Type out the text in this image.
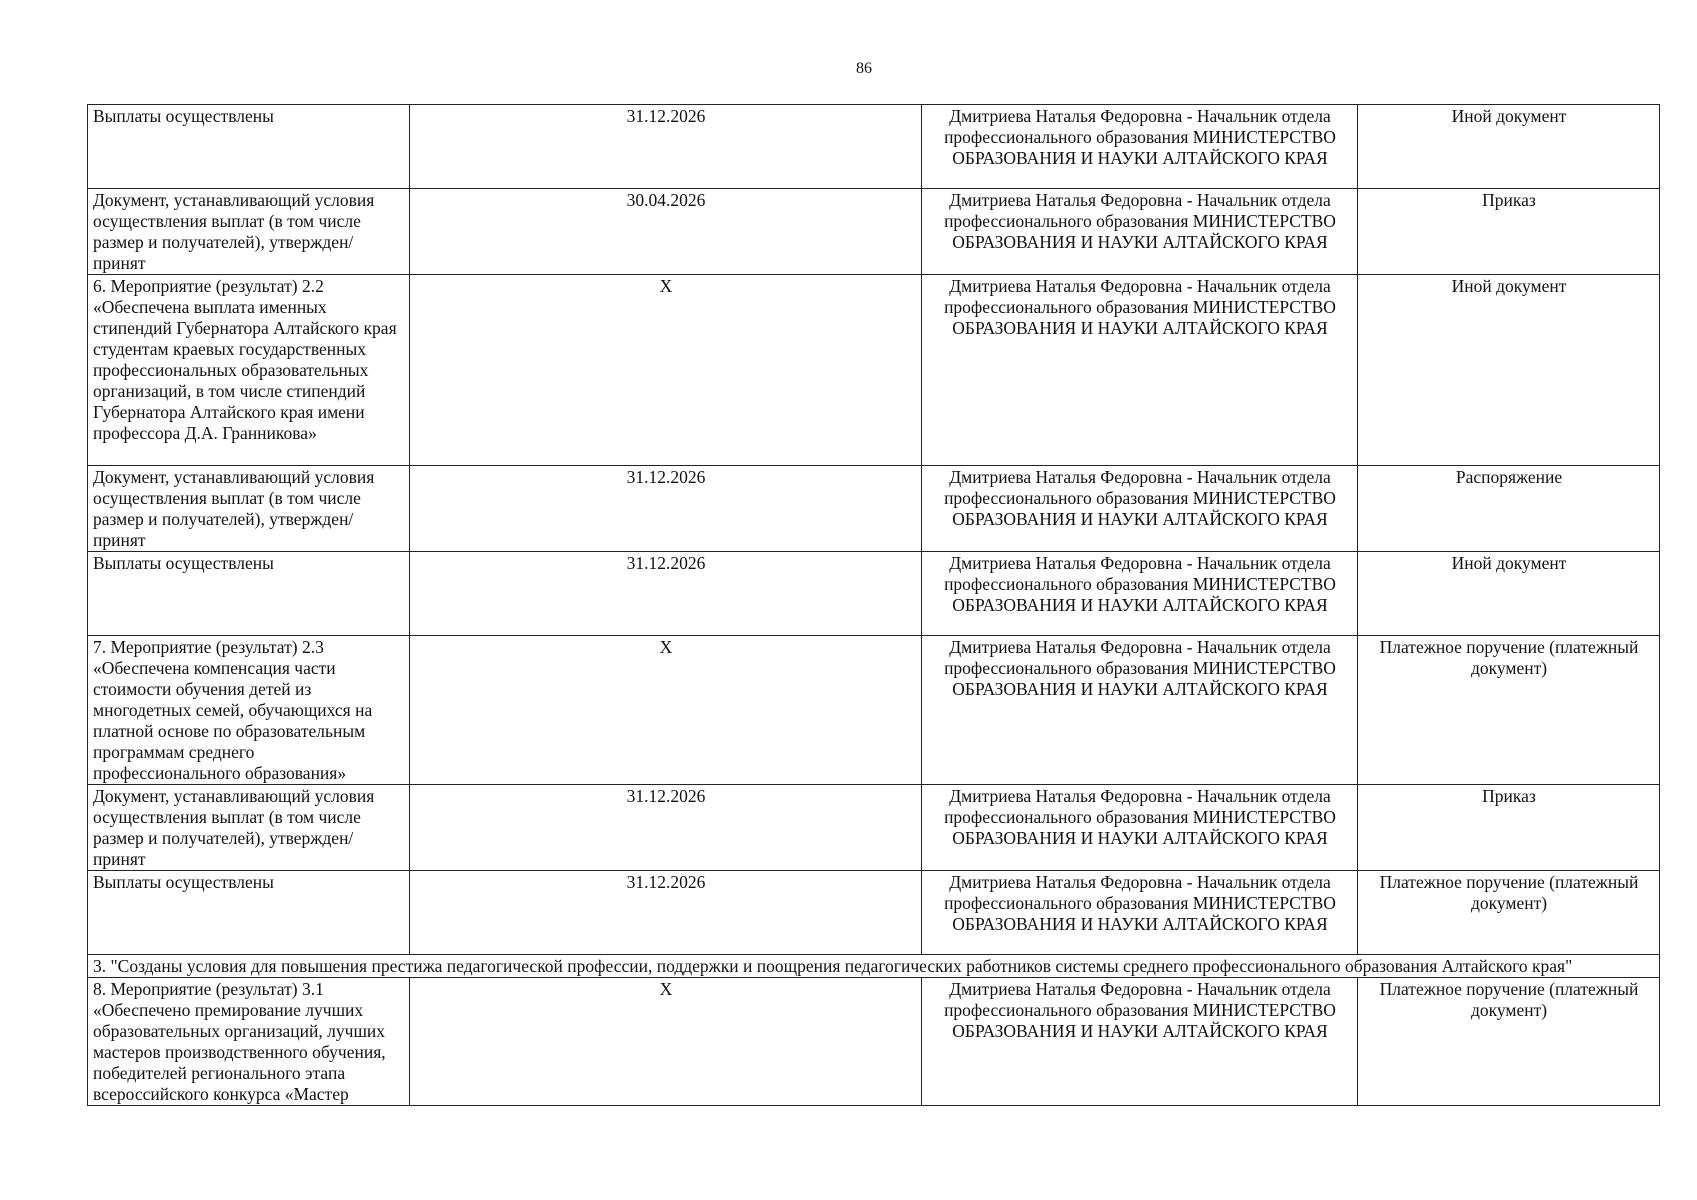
86
Выплаты осуществлены	31.12.2026	Дмитриева Наталья Федоровна - Начальник отдела профессионального образования МИНИСТЕРСТВО ОБРАЗОВАНИЯ И НАУКИ АЛТАЙСКОГО КРАЯ	Иной документ
Документ, устанавливающий условия осуществления выплат (в том числе размер и получателей), утвержден/принят	30.04.2026	Дмитриева Наталья Федоровна - Начальник отдела профессионального образования МИНИСТЕРСТВО ОБРАЗОВАНИЯ И НАУКИ АЛТАЙСКОГО КРАЯ	Приказ
6. Мероприятие (результат) 2.2 «Обеспечена выплата именных стипендий Губернатора Алтайского края студентам краевых государственных профессиональных образовательных организаций, в том числе стипендий Губернатора Алтайского края имени профессора Д.А. Гранникова»	X	Дмитриева Наталья Федоровна - Начальник отдела профессионального образования МИНИСТЕРСТВО ОБРАЗОВАНИЯ И НАУКИ АЛТАЙСКОГО КРАЯ	Иной документ
Документ, устанавливающий условия осуществления выплат (в том числе размер и получателей), утвержден/принят	31.12.2026	Дмитриева Наталья Федоровна - Начальник отдела профессионального образования МИНИСТЕРСТВО ОБРАЗОВАНИЯ И НАУКИ АЛТАЙСКОГО КРАЯ	Распоряжение
Выплаты осуществлены	31.12.2026	Дмитриева Наталья Федоровна - Начальник отдела профессионального образования МИНИСТЕРСТВО ОБРАЗОВАНИЯ И НАУКИ АЛТАЙСКОГО КРАЯ	Иной документ
7. Мероприятие (результат) 2.3 «Обеспечена компенсация части стоимости обучения детей из многодетных семей, обучающихся на платной основе по образовательным программам среднего профессионального образования»	X	Дмитриева Наталья Федоровна - Начальник отдела профессионального образования МИНИСТЕРСТВО ОБРАЗОВАНИЯ И НАУКИ АЛТАЙСКОГО КРАЯ	Платежное поручение (платежный документ)
Документ, устанавливающий условия осуществления выплат (в том числе размер и получателей), утвержден/принят	31.12.2026	Дмитриева Наталья Федоровна - Начальник отдела профессионального образования МИНИСТЕРСТВО ОБРАЗОВАНИЯ И НАУКИ АЛТАЙСКОГО КРАЯ	Приказ
Выплаты осуществлены	31.12.2026	Дмитриева Наталья Федоровна - Начальник отдела профессионального образования МИНИСТЕРСТВО ОБРАЗОВАНИЯ И НАУКИ АЛТАЙСКОГО КРАЯ	Платежное поручение (платежный документ)
3. "Созданы условия для повышения престижа педагогической профессии, поддержки и поощрения педагогических работников системы среднего профессионального образования Алтайского края"			
8. Мероприятие (результат) 3.1 «Обеспечено премирование лучших образовательных организаций, лучших мастеров производственного обучения, победителей регионального этапа всероссийского конкурса «Мастер	X	Дмитриева Наталья Федоровна - Начальник отдела профессионального образования МИНИСТЕРСТВО ОБРАЗОВАНИЯ И НАУКИ АЛТАЙСКОГО КРАЯ	Платежное поручение (платежный документ)
